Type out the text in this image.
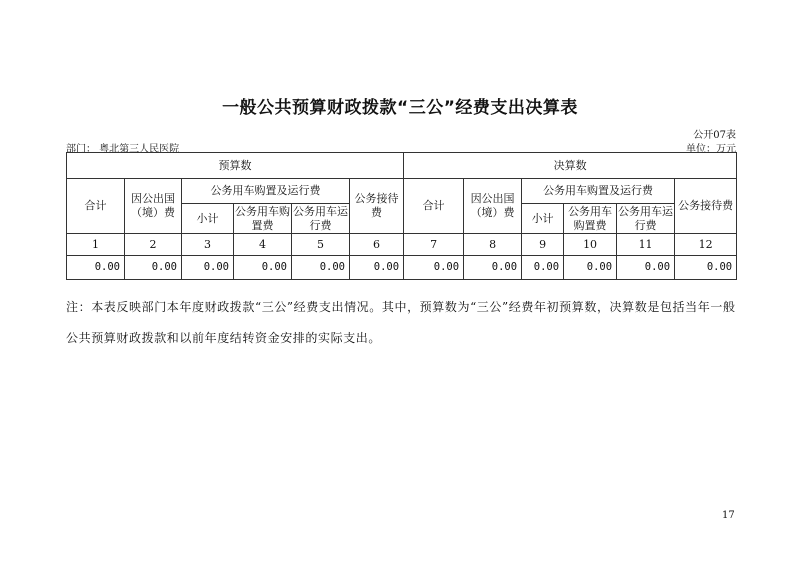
一般公共预算财政拨款“三公”经费支出决算表
公开07表
部门： 粤北第三人民医院	单位：万元
预算数						决算数					
合计	因公出国（境）费	公务用车购置及运行费			公务接待费	合计	因公出国（境）费	公务用车购置及运行费			公务接待费
		小计	公务用车购置费	公务用车运行费				小计	公务用车购置费	公务用车运行费	
1	2	3	4	5	6	7	8	9	10	11	12
0.00	0.00	0.00	0.00	0.00	0.00	0.00	0.00	0.00	0.00	0.00	0.00
注：本表反映部门本年度财政拨款“三公”经费支出情况。其中，预算数为“三公”经费年初预算数，决算数是包括当年一般公共预算财政拨款和以前年度结转资金安排的实际支出。
17
